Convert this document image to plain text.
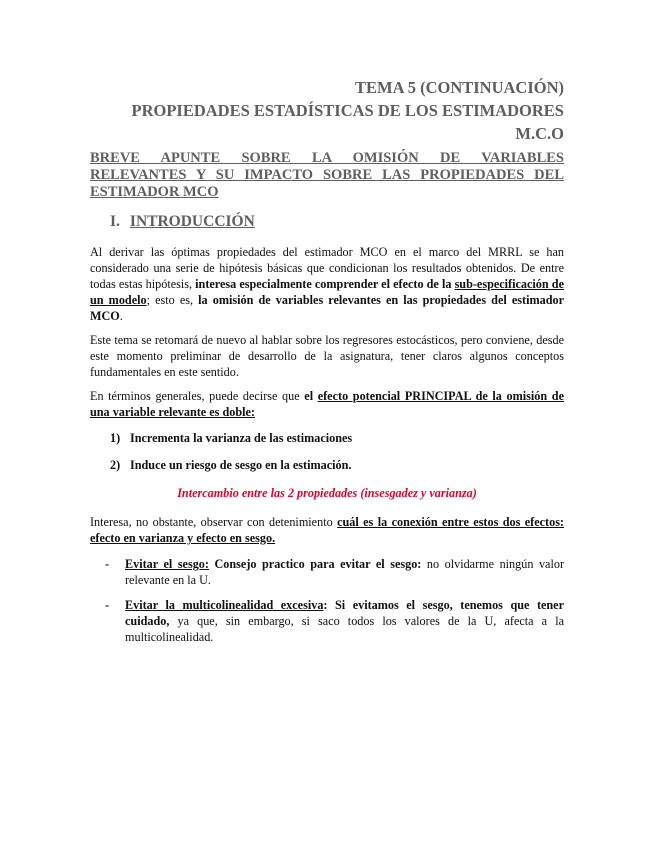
TEMA 5 (CONTINUACIÓN)
PROPIEDADES ESTADÍSTICAS DE LOS ESTIMADORES
M.C.O
BREVE APUNTE SOBRE LA OMISIÓN DE VARIABLES
RELEVANTES Y SU IMPACTO SOBRE LAS PROPIEDADES DEL
ESTIMADOR MCO
I. INTRODUCCIÓN

Al derivar las óptimas propiedades del estimador MCO en el marco del MRRL se han considerado una serie de hipótesis básicas que condicionan los resultados obtenidos. De entre todas estas hipótesis, interesa especialmente comprender el efecto de la sub-especificación de un modelo; esto es, la omisión de variables relevantes en las propiedades del estimador MCO.

Este tema se retomará de nuevo al hablar sobre los regresores estocásticos, pero conviene, desde este momento preliminar de desarrollo de la asignatura, tener claros algunos conceptos fundamentales en este sentido.

En términos generales, puede decirse que el efecto potencial PRINCIPAL de la omisión de una variable relevante es doble:

1) Incrementa la varianza de las estimaciones
2) Induce un riesgo de sesgo en la estimación.
Intercambio entre las 2 propiedades (insesgadez y varianza)

Interesa, no obstante, observar con detenimiento cuál es la conexión entre estos dos efectos: efecto en varianza y efecto en sesgo.

- Evitar el sesgo: Consejo practico para evitar el sesgo: no olvidarme ningún valor relevante en la U.
- Evitar la multicolinealidad excesiva: Si evitamos el sesgo, tenemos que tener cuidado, ya que, sin embargo, si saco todos los valores de la U, afecta a la multicolinealidad.
